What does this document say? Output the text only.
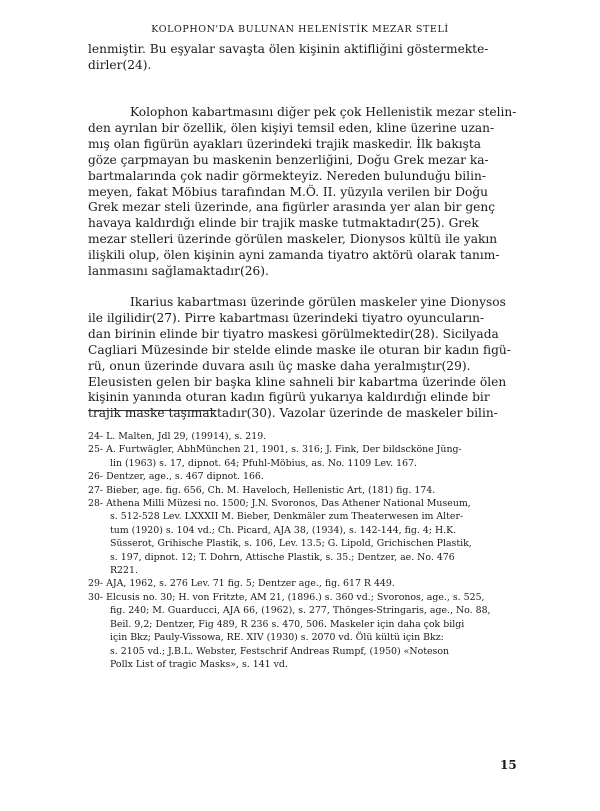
KOLOPHON'DA BULUNAN HELENİSTİK MEZAR STELİ
lenmiştir. Bu eşyalar savaşta ölen kişinin aktifliğini göstermekte-
dirler(24).
Kolophon kabartmasını diğer pek çok Hellenistik mezar stelin-
den ayrılan bir özellik, ölen kişiyi temsil eden, kline üzerine uzan-
mış olan figürün ayakları üzerindeki trajik maskedir. İlk bakışta
göze çarpmayan bu maskenin benzerliğini, Doğu Grek mezar ka-
bartmalarında çok nadir görmekteyiz. Nereden bulunduğu bilin-
meyen, fakat Möbius tarafından M.Ö. II. yüzyıla verilen bir Doğu
Grek mezar steli üzerinde, ana figürler arasında yer alan bir genç
havaya kaldırdığı elinde bir trajik maske tutmaktadır(25). Grek
mezar stelleri üzerinde görülen maskeler, Dionysos kültü ile yakın
ilişkili olup, ölen kişinin ayni zamanda tiyatro aktörü olarak tanım-
lanmasını sağlamaktadır(26).
Ikarius kabartması üzerinde görülen maskeler yine Dionysos
ile ilgilidir(27). Pirre kabartması üzerindeki tiyatro oyuncuların-
dan birinin elinde bir tiyatro maskesi görülmektedir(28). Sicilyada
Cagliari Müzesinde bir stelde elinde maske ile oturan bir kadın figü-
rü, onun üzerinde duvara asılı üç maske daha yeralmıştır(29).
Eleusisten gelen bir başka kline sahneli bir kabartma üzerinde ölen
kişinin yanında oturan kadın figürü yukarıya kaldırdığı elinde bir
trajik maske taşımaktadır(30). Vazolar üzerinde de maskeler bilin-
24- L. Malten, Jdl 29, (19914), s. 219.
25- A. Furtwägler, AbhMünchen 21, 1901, s. 316; J. Fink, Der bildscköne Jüng-
lin (1963) s. 17, dipnot. 64; Pfuhl-Möbius, as. No. 1109 Lev. 167.
26- Dentzer, age., s. 467 dipnot. 166.
27- Bieber, age. fig. 656, Ch. M. Haveloch, Hellenistic Art, (181) fig. 174.
28- Athena Milli Müzesi no. 1500; J.N. Svoronos, Das Athener National Museum,
s. 512-528 Lev. LXXXII M. Bieber, Denkmäler zum Theaterwesen im Alter-
tum (1920) s. 104 vd.; Ch. Picard, AJA 38, (1934), s. 142-144, fig. 4; H.K.
Süsserot, Grihische Plastik, s. 106, Lev. 13.5; G. Lipold, Grichischen Plastik,
s. 197, dipnot. 12; T. Dohrn, Attische Plastik, s. 35.; Dentzer, ae. No. 476
R221.
29- AJA, 1962, s. 276 Lev. 71 fig. 5; Dentzer age., fig. 617 R 449.
30- Elcusis no. 30; H. von Fritzte, AM 21, (1896.) s. 360 vd.; Svoronos, age., s. 525,
fig. 240; M. Guarducci, AJA 66, (1962), s. 277, Thönges-Stringaris, age., No. 88,
Beil. 9,2; Dentzer, Fig 489, R 236 s. 470, 506. Maskeler için daha çok bilgi
için Bkz; Pauly-Vissowa, RE. XIV (1930) s. 2070 vd. Ölü kültü için Bkz:
s. 2105 vd.; J.B.L. Webster, Festschrif Andreas Rumpf, (1950) «Noteson
Pollx List of tragic Masks», s. 141 vd.
15
